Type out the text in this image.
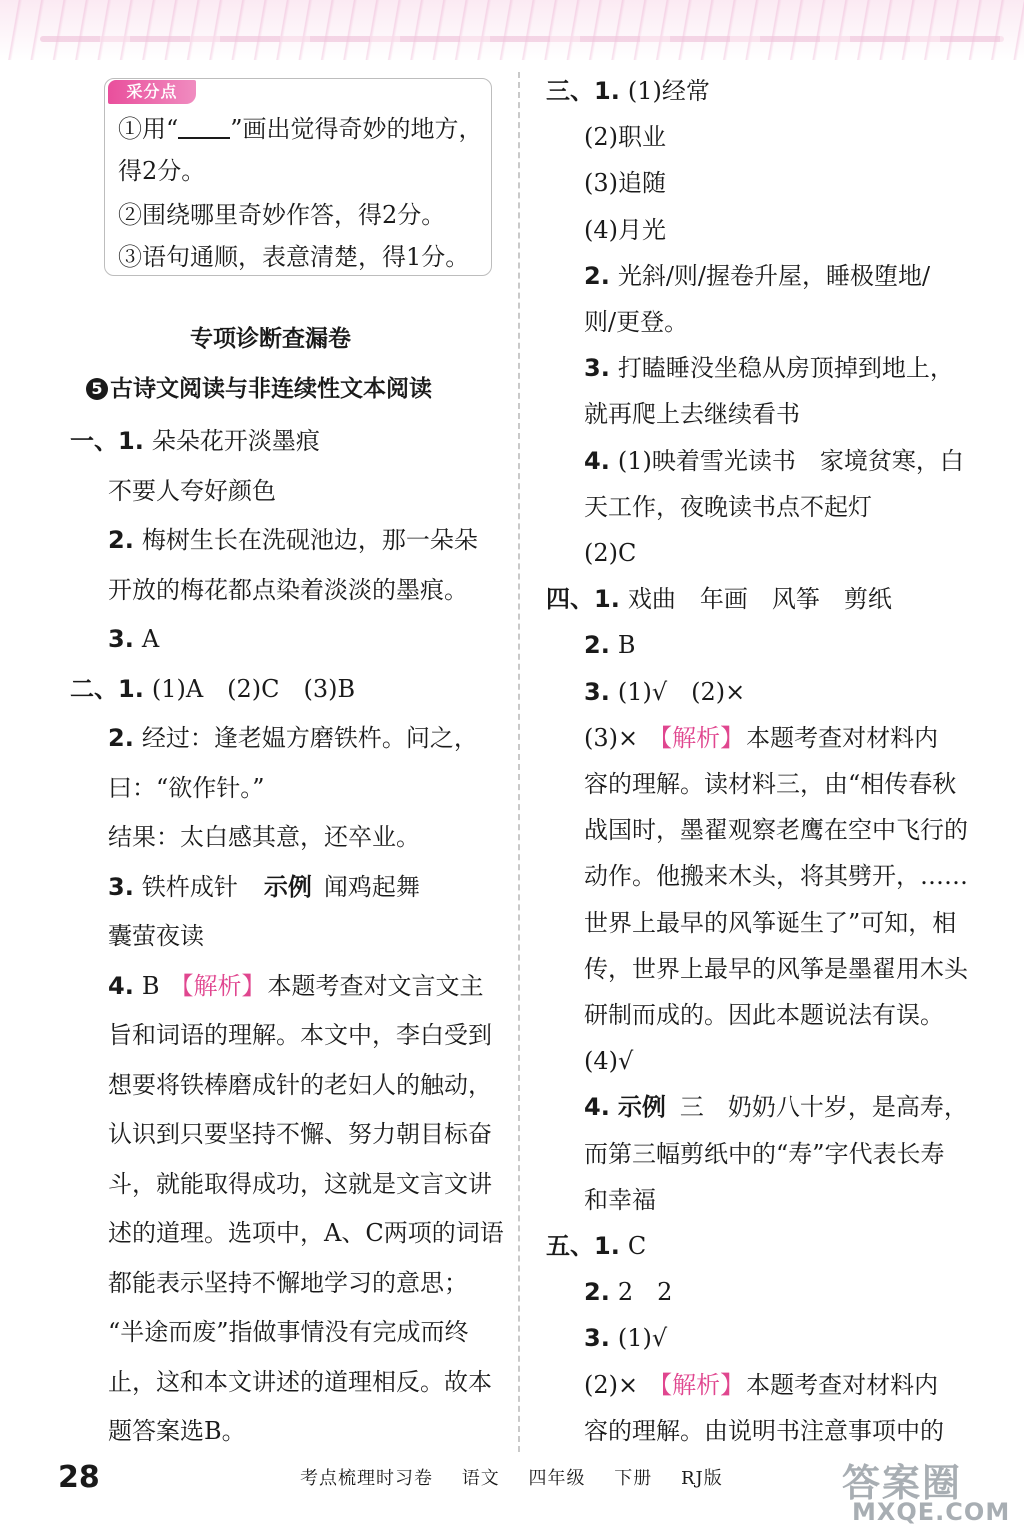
采分点
①用“ ”画出觉得奇妙的地方，
得2分。
②围绕哪里奇妙作答，得2分。
③语句通顺，表意清楚，得1分。
专项诊断查漏卷
5 古诗文阅读与非连续性文本阅读
一、1. 朵朵花开淡墨痕
不要人夸好颜色
2. 梅树生长在洗砚池边，那一朵朵
开放的梅花都点染着淡淡的墨痕。
3. A
二、1. (1)A　(2)C　(3)B
2. 经过：逢老媪方磨铁杵。问之，
曰：“欲作针。”
结果：太白感其意，还卒业。
3. 铁杵成针 示例 闻鸡起舞
囊萤夜读
4. B 【解析】本题考查对文言文主
旨和词语的理解。本文中，李白受到
想要将铁棒磨成针的老妇人的触动，
认识到只要坚持不懈、努力朝目标奋
斗，就能取得成功，这就是文言文讲
述的道理。选项中，A、C两项的词语
都能表示坚持不懈地学习的意思；
“半途而废”指做事情没有完成而终
止，这和本文讲述的道理相反。故本
题答案选B。
三、1. (1)经常
(2)职业
(3)追随
(4)月光
2. 光斜/则/握卷升屋，睡极堕地/
则/更登。
3. 打瞌睡没坐稳从房顶掉到地上，
就再爬上去继续看书
4. (1)映着雪光读书　家境贫寒，白
天工作，夜晚读书点不起灯
(2)C
四、1. 戏曲　年画　风筝　剪纸
2. B
3. (1)√　(2)×
(3)× 【解析】本题考查对材料内
容的理解。读材料三，由“相传春秋
战国时，墨翟观察老鹰在空中飞行的
动作。他搬来木头，将其劈开，……
世界上最早的风筝诞生了”可知，相
传，世界上最早的风筝是墨翟用木头
研制而成的。因此本题说法有误。
(4)√
4. 示例 三　奶奶八十岁，是高寿，
而第三幅剪纸中的“寿”字代表长寿
和幸福
五、1. C
2. 2　2
3. (1)√
(2)× 【解析】本题考查对材料内
容的理解。由说明书注意事项中的
28	考点梳理时习卷 语文 四年级 下册 RJ版	答案圈
MXQE.COM
